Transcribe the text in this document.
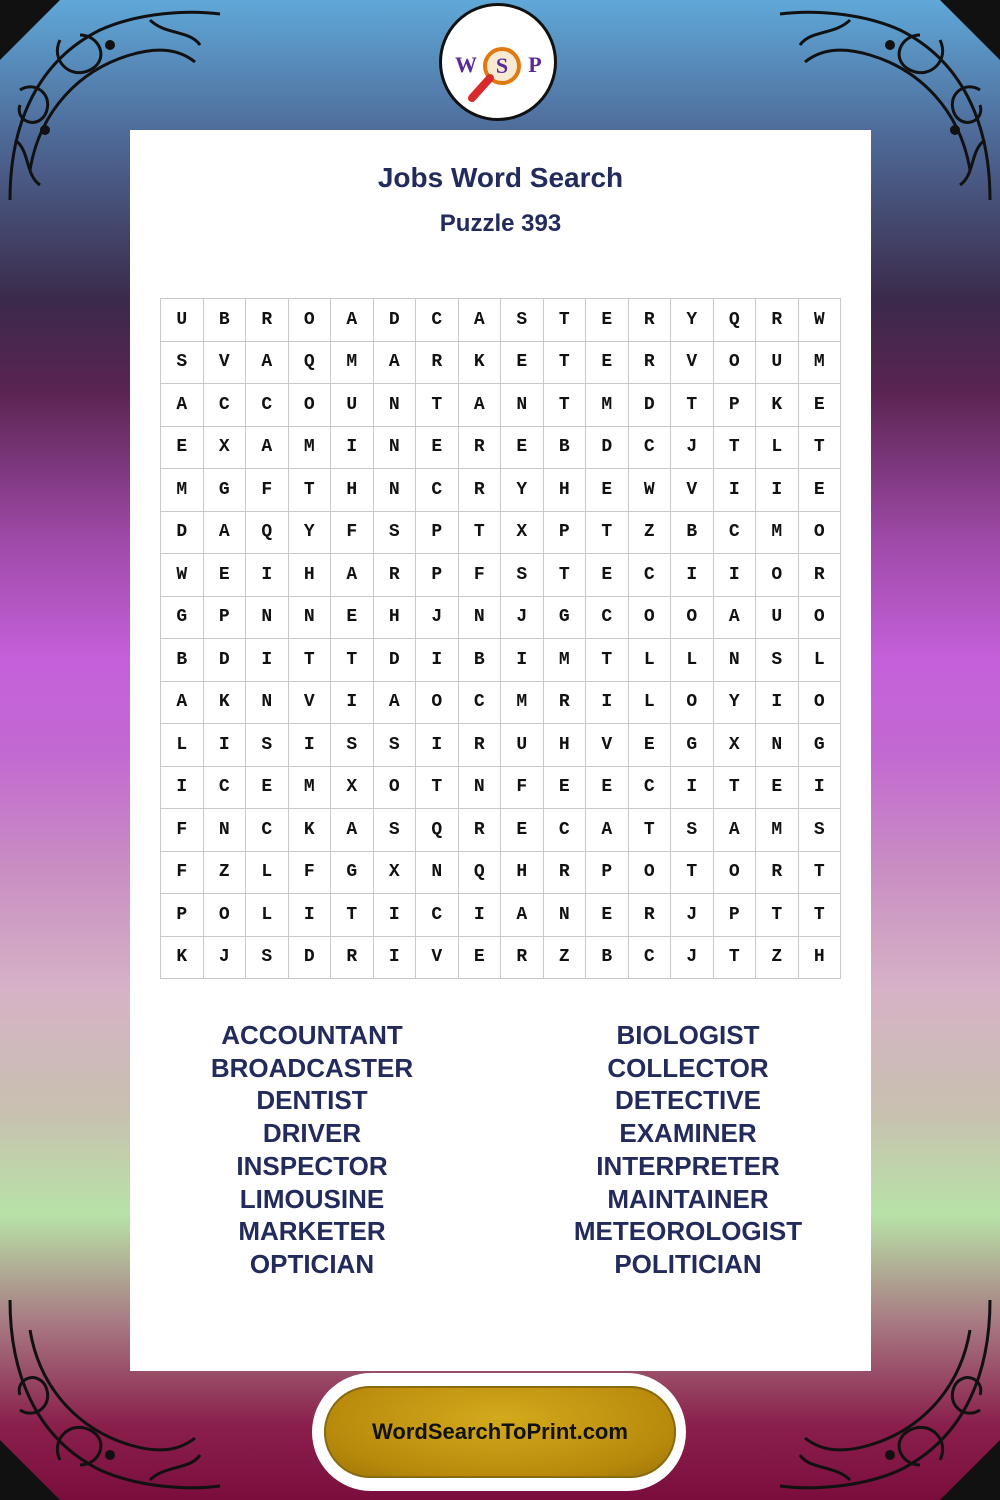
W S P
Jobs Word Search
Puzzle 393
U	B	R	O	A	D	C	A	S	T	E	R	Y	Q	R	W
S	V	A	Q	M	A	R	K	E	T	E	R	V	O	U	M
A	C	C	O	U	N	T	A	N	T	M	D	T	P	K	E
E	X	A	M	I	N	E	R	E	B	D	C	J	T	L	T
M	G	F	T	H	N	C	R	Y	H	E	W	V	I	I	E
D	A	Q	Y	F	S	P	T	X	P	T	Z	B	C	M	O
W	E	I	H	A	R	P	F	S	T	E	C	I	I	O	R
G	P	N	N	E	H	J	N	J	G	C	O	O	A	U	O
B	D	I	T	T	D	I	B	I	M	T	L	L	N	S	L
A	K	N	V	I	A	O	C	M	R	I	L	O	Y	I	O
L	I	S	I	S	S	I	R	U	H	V	E	G	X	N	G
I	C	E	M	X	O	T	N	F	E	E	C	I	T	E	I
F	N	C	K	A	S	Q	R	E	C	A	T	S	A	M	S
F	Z	L	F	G	X	N	Q	H	R	P	O	T	O	R	T
P	O	L	I	T	I	C	I	A	N	E	R	J	P	T	T
K	J	S	D	R	I	V	E	R	Z	B	C	J	T	Z	H
ACCOUNTANT
BROADCASTER
DENTIST
DRIVER
INSPECTOR
LIMOUSINE
MARKETER
OPTICIAN
BIOLOGIST
COLLECTOR
DETECTIVE
EXAMINER
INTERPRETER
MAINTAINER
METEOROLOGIST
POLITICIAN
WordSearchToPrint.com
